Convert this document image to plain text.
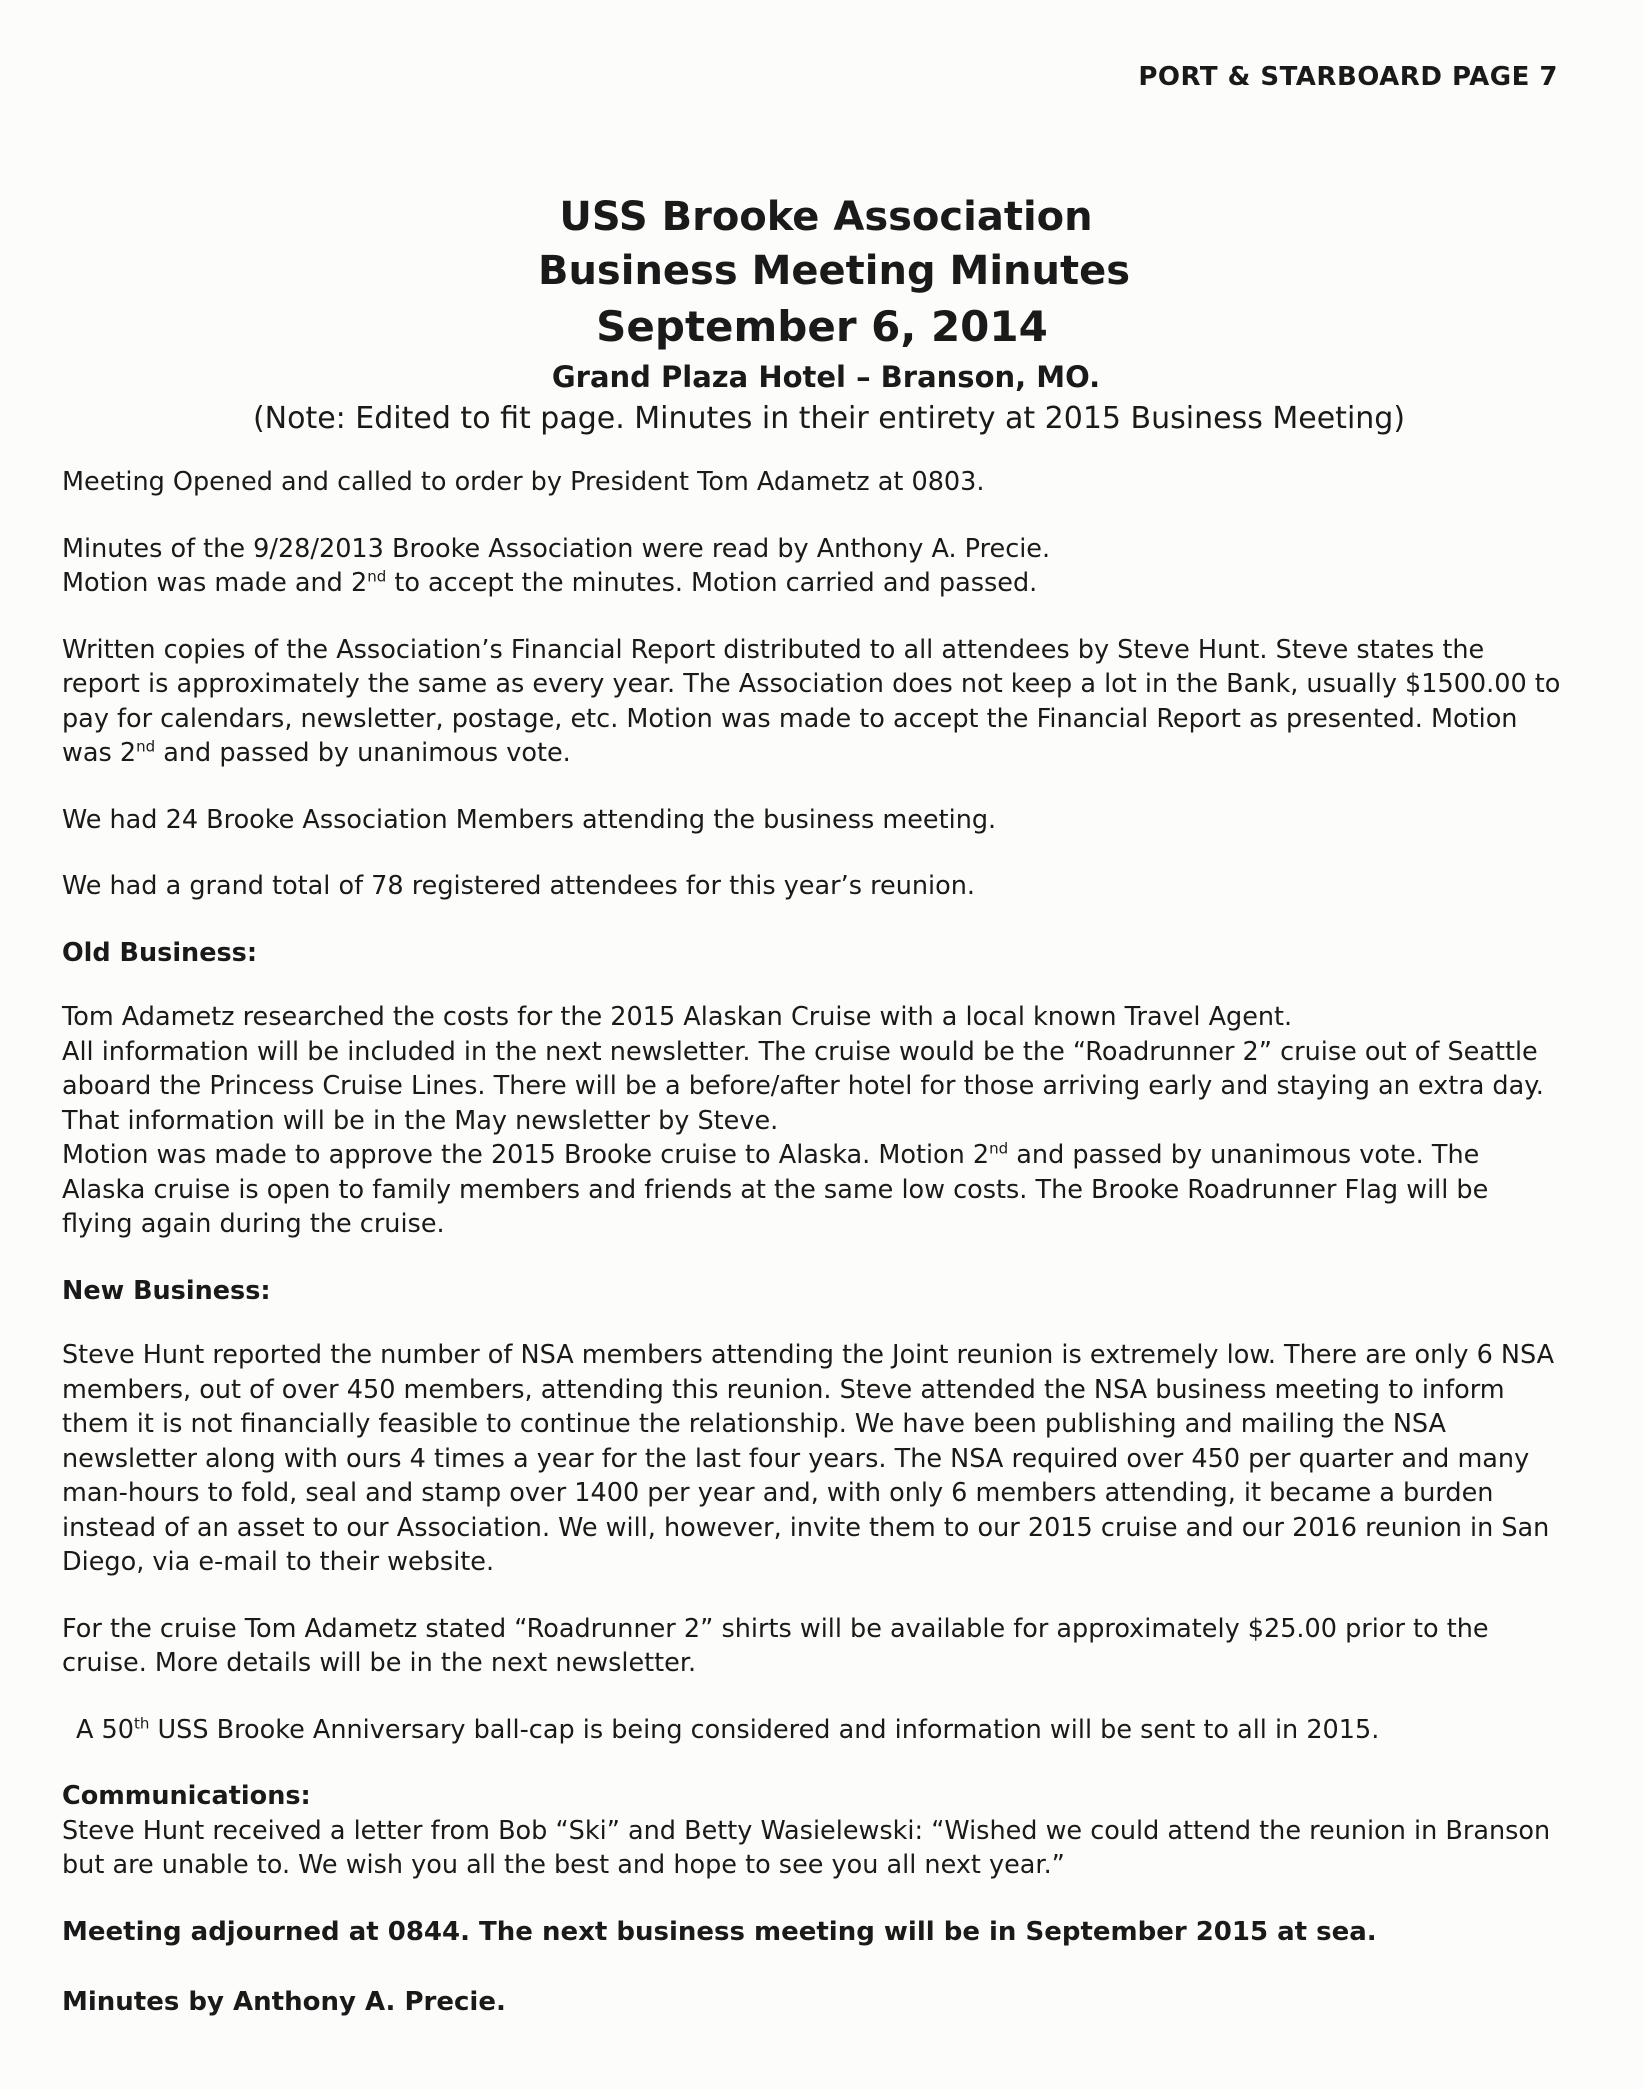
PORT & STARBOARD PAGE 7
USS Brooke Association
Business Meeting Minutes
September 6, 2014
Grand Plaza Hotel – Branson, MO.
(Note: Edited to fit page. Minutes in their entirety at 2015 Business Meeting)

Meeting Opened and called to order by President Tom Adametz at 0803.

Minutes of the 9/28/2013 Brooke Association were read by Anthony A. Precie.
Motion was made and 2nd to accept the minutes. Motion carried and passed.

Written copies of the Association’s Financial Report distributed to all attendees by Steve Hunt. Steve states the report is approximately the same as every year. The Association does not keep a lot in the Bank, usually $1500.00 to pay for calendars, newsletter, postage, etc. Motion was made to accept the Financial Report as presented. Motion was 2nd and passed by unanimous vote.

We had 24 Brooke Association Members attending the business meeting.

We had a grand total of 78 registered attendees for this year’s reunion.

Old Business:

Tom Adametz researched the costs for the 2015 Alaskan Cruise with a local known Travel Agent.
All information will be included in the next newsletter. The cruise would be the “Roadrunner 2” cruise out of Seattle aboard the Princess Cruise Lines. There will be a before/after hotel for those arriving early and staying an extra day. That information will be in the May newsletter by Steve.
Motion was made to approve the 2015 Brooke cruise to Alaska. Motion 2nd and passed by unanimous vote. The Alaska cruise is open to family members and friends at the same low costs. The Brooke Roadrunner Flag will be flying again during the cruise.

New Business:

Steve Hunt reported the number of NSA members attending the Joint reunion is extremely low. There are only 6 NSA members, out of over 450 members, attending this reunion. Steve attended the NSA business meeting to inform them it is not financially feasible to continue the relationship. We have been publishing and mailing the NSA newsletter along with ours 4 times a year for the last four years. The NSA required over 450 per quarter and many man-hours to fold, seal and stamp over 1400 per year and, with only 6 members attending, it became a burden instead of an asset to our Association. We will, however, invite them to our 2015 cruise and our 2016 reunion in San Diego, via e-mail to their website.

For the cruise Tom Adametz stated “Roadrunner 2” shirts will be available for approximately $25.00 prior to the cruise. More details will be in the next newsletter.

A 50th USS Brooke Anniversary ball-cap is being considered and information will be sent to all in 2015.

Communications:

Steve Hunt received a letter from Bob “Ski” and Betty Wasielewski: “Wished we could attend the reunion in Branson but are unable to. We wish you all the best and hope to see you all next year.”

Meeting adjourned at 0844. The next business meeting will be in September 2015 at sea.
Minutes by Anthony A. Precie.
